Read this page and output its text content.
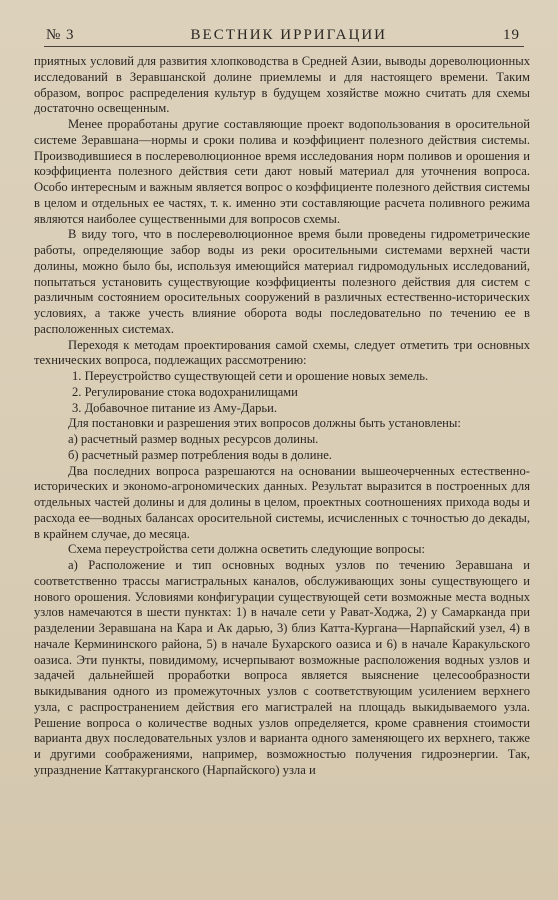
№ 3	ВЕСТНИК ИРРИГАЦИИ	19

приятных условий для развития хлопководства в Средней Азии, выводы дореволюционных исследований в Зеравшанской долине приемлемы и для настоящего времени. Таким образом, вопрос распределения культур в будущем хозяйстве можно считать для схемы достаточно освещенным.

Менее проработаны другие составляющие проект водопользования в оросительной системе Зеравшана—нормы и сроки полива и коэффициент полезного действия системы. Производившиеся в послереволюционное время исследования норм поливов и орошения и коэффициента полезного действия сети дают новый материал для уточнения вопроса. Особо интересным и важным является вопрос о коэффициенте полезного действия системы в целом и отдельных ее частях, т. к. именно эти составляющие расчета поливного режима являются наиболее существенными для вопросов схемы.

В виду того, что в послереволюционное время были проведены гидрометрические работы, определяющие забор воды из реки оросительными системами верхней части долины, можно было бы, используя имеющийся материал гидромодульных исследований, попытаться установить существующие коэффициенты полезного действия для систем с различным состоянием оросительных сооружений в различных естественно-исторических условиях, а также учесть влияние оборота воды последовательно по течению ее в расположенных системах.

Переходя к методам проектирования самой схемы, следует отметить три основных технических вопроса, подлежащих рассмотрению:

1. Переустройство существующей сети и орошение новых земель.

2. Регулирование стока водохранилищами

3. Добавочное питание из Аму-Дарьи.

Для постановки и разрешения этих вопросов должны быть установлены:

а) расчетный размер водных ресурсов долины.

б) расчетный размер потребления воды в долине.

Два последних вопроса разрешаются на основании вышеочерченных естественно-исторических и экономо-агрономических данных. Результат выразится в построенных для отдельных частей долины и для долины в целом, проектных соотношениях прихода воды и расхода ее—водных балансах оросительной системы, исчисленных с точностью до декады, в крайнем случае, до месяца.

Схема переустройства сети должна осветить следующие вопросы:

а) Расположение и тип основных водных узлов по течению Зеравшана и соответственно трассы магистральных каналов, обслуживающих зоны существующего и нового орошения. Условиями конфигурации существующей сети возможные места водных узлов намечаются в шести пунктах: 1) в начале сети у Рават-Ходжа, 2) у Самарканда при разделении Зеравшана на Кара и Ак дарью, 3) близ Катта-Кургана—Нарпайский узел, 4) в начале Кермининского района, 5) в начале Бухарского оазиса и 6) в начале Каракульского оазиса. Эти пункты, повидимому, исчерпывают возможные расположения водных узлов и задачей дальнейшей проработки вопроса является выяснение целесообразности выкидывания одного из промежуточных узлов с соответствующим усилением верхнего узла, с распространением действия его магистралей на площадь выкидываемого узла. Решение вопроса о количестве водных узлов определяется, кроме сравнения стоимости варианта двух последовательных узлов и варианта одного заменяющего их верхнего, также и другими соображениями, например, возможностью получения гидроэнергии. Так, упразднение Каттакурганского (Нарпайского) узла и
